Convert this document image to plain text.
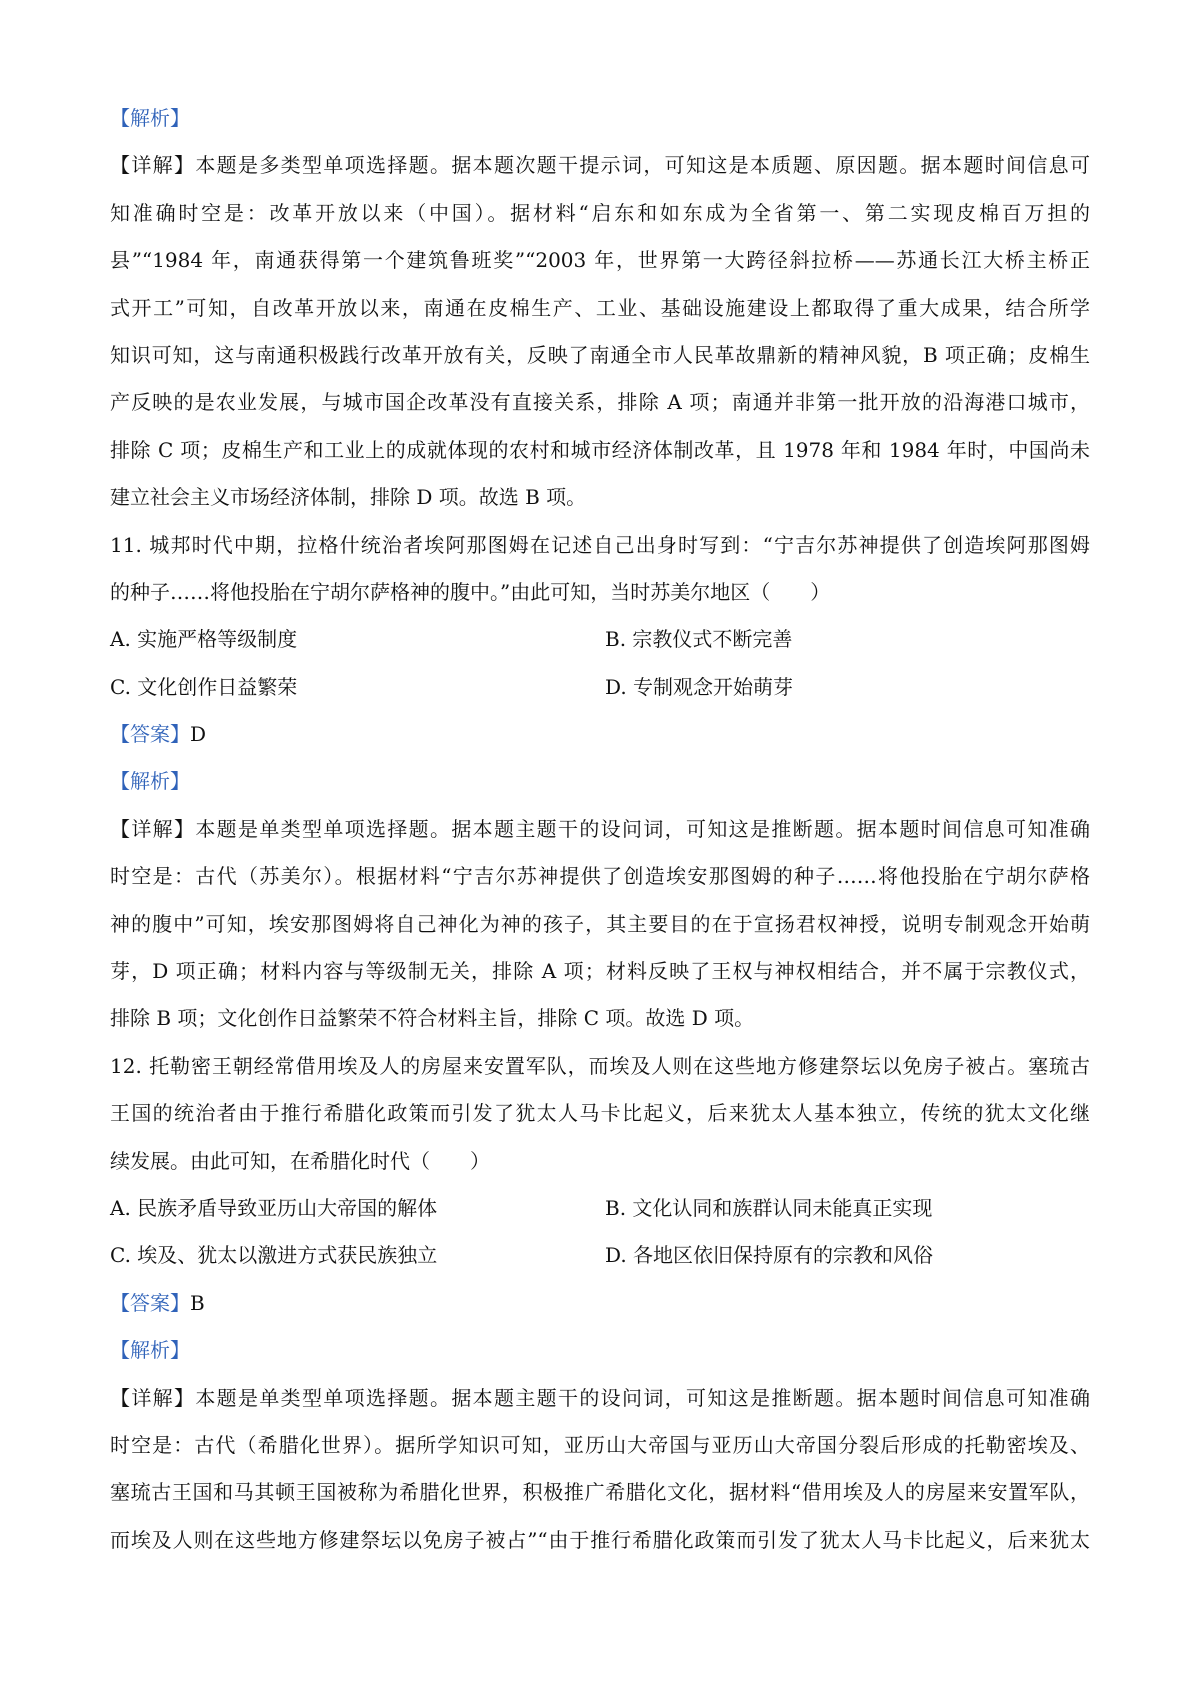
【解析】
【详解】本题是多类型单项选择题。据本题次题干提示词，可知这是本质题、原因题。据本题时间信息可
知准确时空是：改革开放以来（中国）。据材料“启东和如东成为全省第一、第二实现皮棉百万担的
县”“1984 年，南通获得第一个建筑鲁班奖”“2003 年，世界第一大跨径斜拉桥——苏通长江大桥主桥正
式开工”可知，自改革开放以来，南通在皮棉生产、工业、基础设施建设上都取得了重大成果，结合所学
知识可知，这与南通积极践行改革开放有关，反映了南通全市人民革故鼎新的精神风貌，B 项正确；皮棉生
产反映的是农业发展，与城市国企改革没有直接关系，排除 A 项；南通并非第一批开放的沿海港口城市，
排除 C 项；皮棉生产和工业上的成就体现的农村和城市经济体制改革，且 1978 年和 1984 年时，中国尚未
建立社会主义市场经济体制，排除 D 项。故选 B 项。
11. 城邦时代中期，拉格什统治者埃阿那图姆在记述自己出身时写到：“宁吉尔苏神提供了创造埃阿那图姆
的种子……将他投胎在宁胡尔萨格神的腹中。”由此可知，当时苏美尔地区（　　）
A. 实施严格等级制度	B. 宗教仪式不断完善
C. 文化创作日益繁荣	D. 专制观念开始萌芽
【答案】D
【解析】
【详解】本题是单类型单项选择题。据本题主题干的设问词，可知这是推断题。据本题时间信息可知准确
时空是：古代（苏美尔）。根据材料“宁吉尔苏神提供了创造埃安那图姆的种子……将他投胎在宁胡尔萨格
神的腹中”可知，埃安那图姆将自己神化为神的孩子，其主要目的在于宣扬君权神授，说明专制观念开始萌
芽，D 项正确；材料内容与等级制无关，排除 A 项；材料反映了王权与神权相结合，并不属于宗教仪式，
排除 B 项；文化创作日益繁荣不符合材料主旨，排除 C 项。故选 D 项。
12. 托勒密王朝经常借用埃及人的房屋来安置军队，而埃及人则在这些地方修建祭坛以免房子被占。塞琉古
王国的统治者由于推行希腊化政策而引发了犹太人马卡比起义，后来犹太人基本独立，传统的犹太文化继
续发展。由此可知，在希腊化时代（　　）
A. 民族矛盾导致亚历山大帝国的解体	B. 文化认同和族群认同未能真正实现
C. 埃及、犹太以激进方式获民族独立	D. 各地区依旧保持原有的宗教和风俗
【答案】B
【解析】
【详解】本题是单类型单项选择题。据本题主题干的设问词，可知这是推断题。据本题时间信息可知准确
时空是：古代（希腊化世界）。据所学知识可知，亚历山大帝国与亚历山大帝国分裂后形成的托勒密埃及、
塞琉古王国和马其顿王国被称为希腊化世界，积极推广希腊化文化，据材料“借用埃及人的房屋来安置军队，
而埃及人则在这些地方修建祭坛以免房子被占”“由于推行希腊化政策而引发了犹太人马卡比起义，后来犹太
